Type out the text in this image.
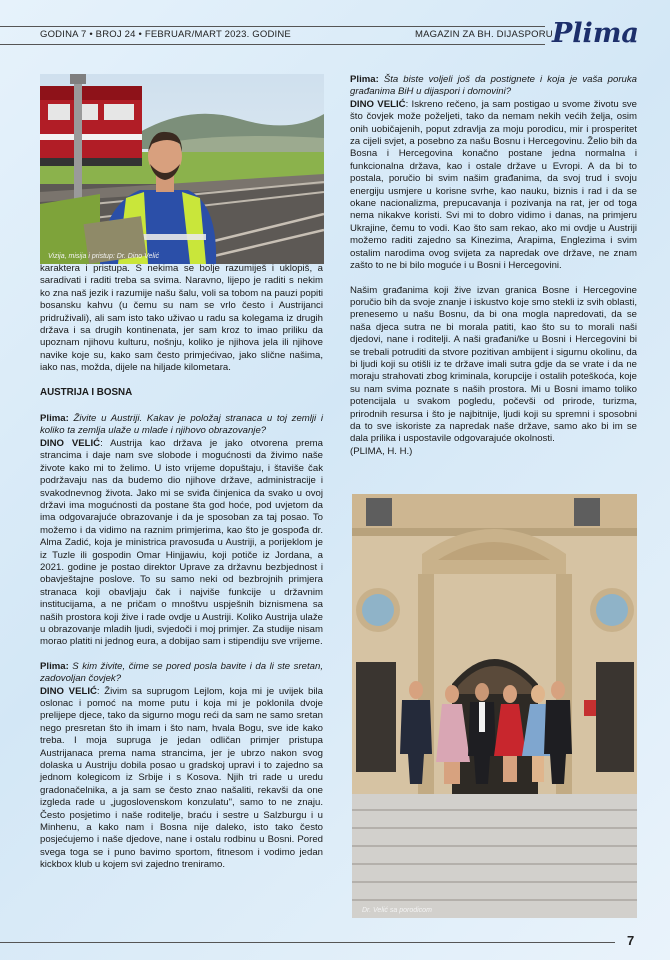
GODINA 7 • BROJ 24 • FEBRUAR/MART 2023. GODINE	MAGAZIN ZA BH. DIJASPORU Plima
Vizija, misija i pristup: Dr. Dino Velić

karaktera i pristupa. S nekima se bolje razumiješ i uklopiš, a saradivati i raditi treba sa svima. Naravno, lijepo je raditi s nekim ko zna naš jezik i razumije našu šalu, voli sa tobom na pauzi popiti bosansku kahvu (u čemu su nam se vrlo često i Austrijanci pridruživali), ali sam isto tako uživao u radu sa kolegama iz drugih država i sa drugih kontinenata, jer sam kroz to imao priliku da upoznam njihovu kulturu, nošnju, koliko je njihova jela ili njihove navike koje su, kako sam često primjećivao, jako slične našima, iako nas, možda, dijele na hiljade kilometara.

AUSTRIJA I BOSNA

Plima: Živite u Austriji. Kakav je položaj stranaca u toj zemlji i koliko ta zemlja ulaže u mlade i njihovo obrazovanje?
DINO VELIĆ: Austrija kao država je jako otvorena prema strancima i daje nam sve slobode i mogućnosti da živimo naše živote kako mi to želimo. U isto vrijeme dopuštaju, i štaviše čak podržavaju nas da budemo dio njihove države, administracije i svakodnevnog života. Jako mi se sviđa činjenica da svako u ovoj državi ima mogućnosti da postane šta god hoće, pod uvjetom da ima odgovarajuće obrazovanje i da je sposoban za taj posao. To možemo i da vidimo na raznim primjerima, kao što je gospođa dr. Alma Zadić, koja je ministrica pravosuđa u Austriji, a porijeklom je iz Tuzle ili gospodin Omar Hinjjawiu, koji potiče iz Jordana, a 2021. godine je postao direktor Uprave za državnu bezbjednost i obavještajne poslove. To su samo neki od bezbrojnih primjera stranaca koji obavljaju čak i najviše funkcije u državnim institucijama, a ne pričam o mnoštvu uspješnih biznismena sa naših prostora koji žive i rade ovdje u Austriji. Koliko Austrija ulaže u obrazovanje mladih ljudi, svjedoči i moj primjer. Za studije nisam morao platiti ni jednog eura, a dobijao sam i stipendiju sve vrijeme.

Plima: S kim živite, čime se pored posla bavite i da li ste sretan, zadovoljan čovjek?
DINO VELIĆ: Živim sa suprugom Lejlom, koja mi je uvijek bila oslonac i pomoć na mome putu i koja mi je poklonila dvoje prelijepe djece, tako da sigurno mogu reći da sam ne samo sretan nego presretan što ih imam i što nam, hvala Bogu, sve ide kako treba. I moja supruga je jedan odličan primjer pristupa Austrijanaca prema nama strancima, jer je ubrzo nakon svog dolaska u Austriju dobila posao u gradskoj upravi i to zajedno sa jednom kolegicom iz Srbije i s Kosova. Njih tri rade u uredu gradonačelnika, a ja sam se često znao našaliti, rekavši da one izgleda rade u „jugoslovenskom konzulatu", samo to ne znaju. Često posjetimo i naše roditelje, braću i sestre u Salzburgu i u Minhenu, a kako nam i Bosna nije daleko, isto tako često posjećujemo i naše djedove, nane i ostalu rodbinu u Bosni. Pored svega toga se i puno bavimo sportom, fitnesom i vodimo jedan kickbox klub u kojem svi zajedno treniramo.

Plima: Šta biste voljeli još da postignete i koja je vaša poruka građanima BiH u dijaspori i domovini?
DINO VELIĆ: Iskreno rečeno, ja sam postigao u svome životu sve što čovjek može poželjeti, tako da nemam nekih većih želja, osim onih uobičajenih, poput zdravlja za moju porodicu, mir i prosperitet za cijeli svjet, a posebno za našu Bosnu i Hercegovinu. Želio bih da Bosna i Hercegovina konačno postane jedna normalna i funkcionalna država, kao i ostale države u Evropi. A da bi to postala, poručio bi svim našim građanima, da svoj trud i svoju energiju usmjere u korisne svrhe, kao nauku, biznis i rad i da se okane nacionalizma, prepucavanja i pozivanja na rat, jer od toga nema nikakve koristi. Svi mi to dobro vidimo i danas, na primjeru Ukrajine, čemu to vodi. Kao što sam rekao, ako mi ovdje u Austriji možemo raditi zajedno sa Kinezima, Arapima, Englezima i svim ostalim narodima ovog svijeta za napredak ove države, ne znam zašto to ne bi bilo moguće i u Bosni i Hercegovini.

Našim građanima koji žive izvan granica Bosne i Hercegovine poručio bih da svoje znanje i iskustvo koje smo stekli iz svih oblasti, prenesemo u našu Bosnu, da bi ona mogla napredovati, da se naša djeca sutra ne bi morala patiti, kao što su to morali naši djedovi, nane i roditelji. A naši građani/ke u Bosni i Hercegovini bi se trebali potruditi da stvore pozitivan ambijent i sigurnu okolinu, da bi ljudi koji su otišli iz te države imali sutra gdje da se vrate i da ne moraju strahovati zbog kriminala, korupcije i ostalih poteškoća, koje su nam svima poznate s naših prostora. Mi u Bosni imamo toliko potencijala u svakom pogledu, počevši od prirode, turizma, prirodnih resursa i što je najbitnije, ljudi koji su spremni i sposobni da to sve iskoriste za napredak naše države, samo ako bi im se dala prilika i uspostavile odgovarajuće okolnosti.

(PLIMA, H. H.)

Dr. Velić sa porodicom
7
